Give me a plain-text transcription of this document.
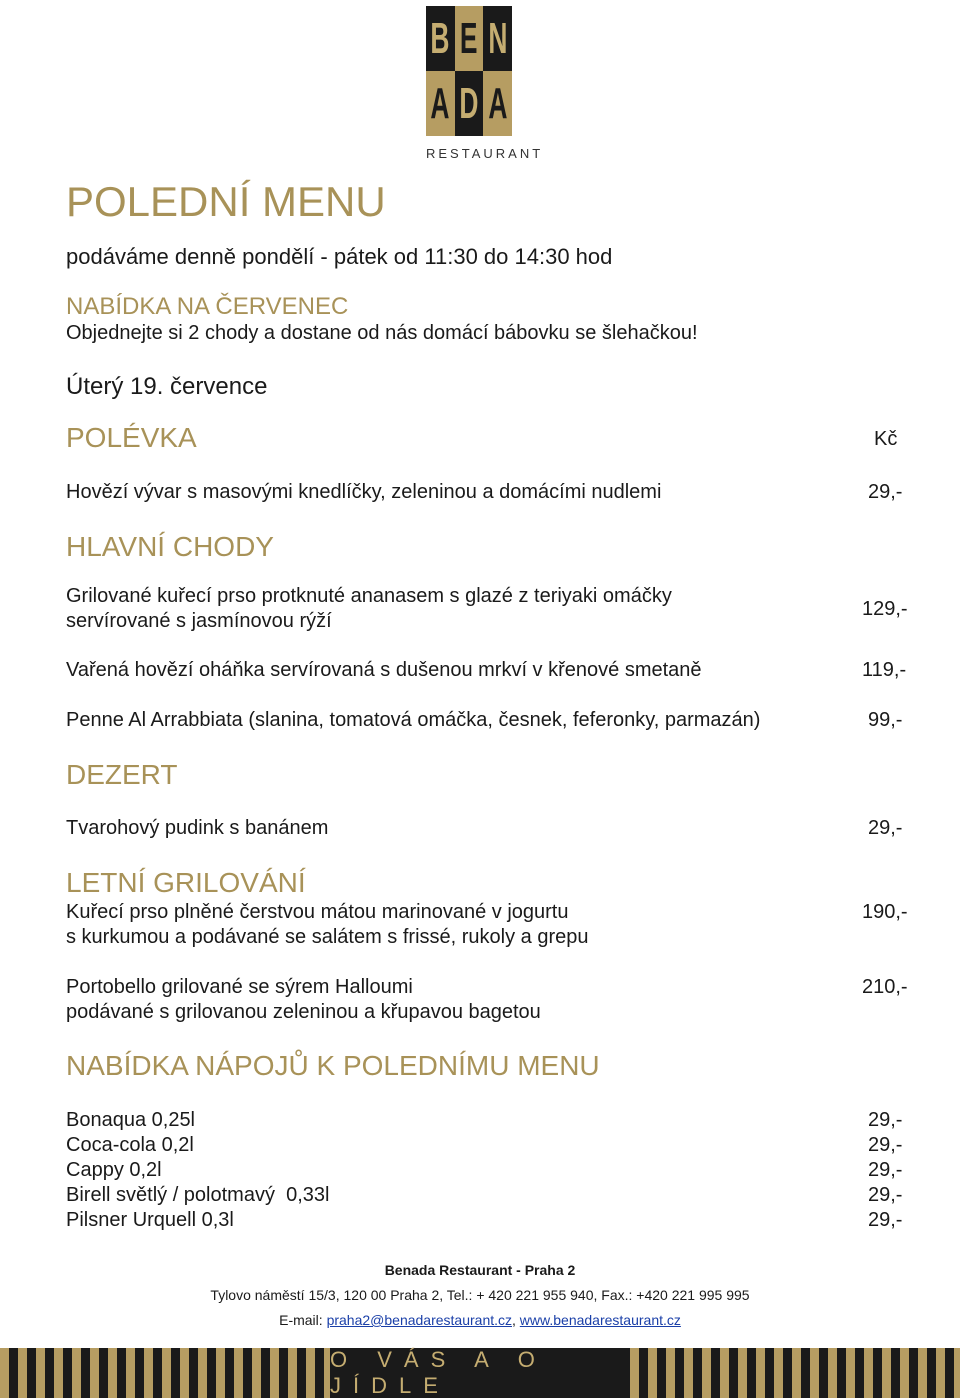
B E N
A D A
RESTAURANT
POLEDNÍ MENU
podáváme denně pondělí - pátek od 11:30 do 14:30 hod
NABÍDKA NA ČERVENEC
Objednejte si 2 chody a dostane od nás domácí bábovku se šlehačkou!
Úterý 19. července
POLÉVKA	Kč
Hovězí vývar s masovými knedlíčky, zeleninou a domácími nudlemi	29,-
HLAVNÍ CHODY
Grilované kuřecí prso protknuté ananasem s glazé z teriyaki omáčky
servírované s jasmínovou rýží
129,-
Vařená hovězí oháňka servírovaná s dušenou mrkví v křenové smetaně	119,-
Penne Al Arrabbiata (slanina, tomatová omáčka, česnek, feferonky, parmazán)	99,-
DEZERT
Tvarohový pudink s banánem	29,-
LETNÍ GRILOVÁNÍ
Kuřecí prso plněné čerstvou mátou marinované v jogurtu
s kurkumou a podávané se salátem s frissé, rukoly a grepu
190,-
Portobello grilované se sýrem Halloumi
podávané s grilovanou zeleninou a křupavou bagetou
210,-
NABÍDKA NÁPOJŮ K POLEDNÍMU MENU
Bonaqua 0,25l	29,-
Coca-cola 0,2l	29,-
Cappy 0,2l	29,-
Birell světlý / polotmavý  0,33l	29,-
Pilsner Urquell 0,3l	29,-
Benada Restaurant - Praha 2
Tylovo náměstí 15/3, 120 00 Praha 2, Tel.: + 420 221 955 940, Fax.: +420 221 995 995
E-mail: praha2@benadarestaurant.cz, www.benadarestaurant.cz
O VÁS A O JÍDLE
